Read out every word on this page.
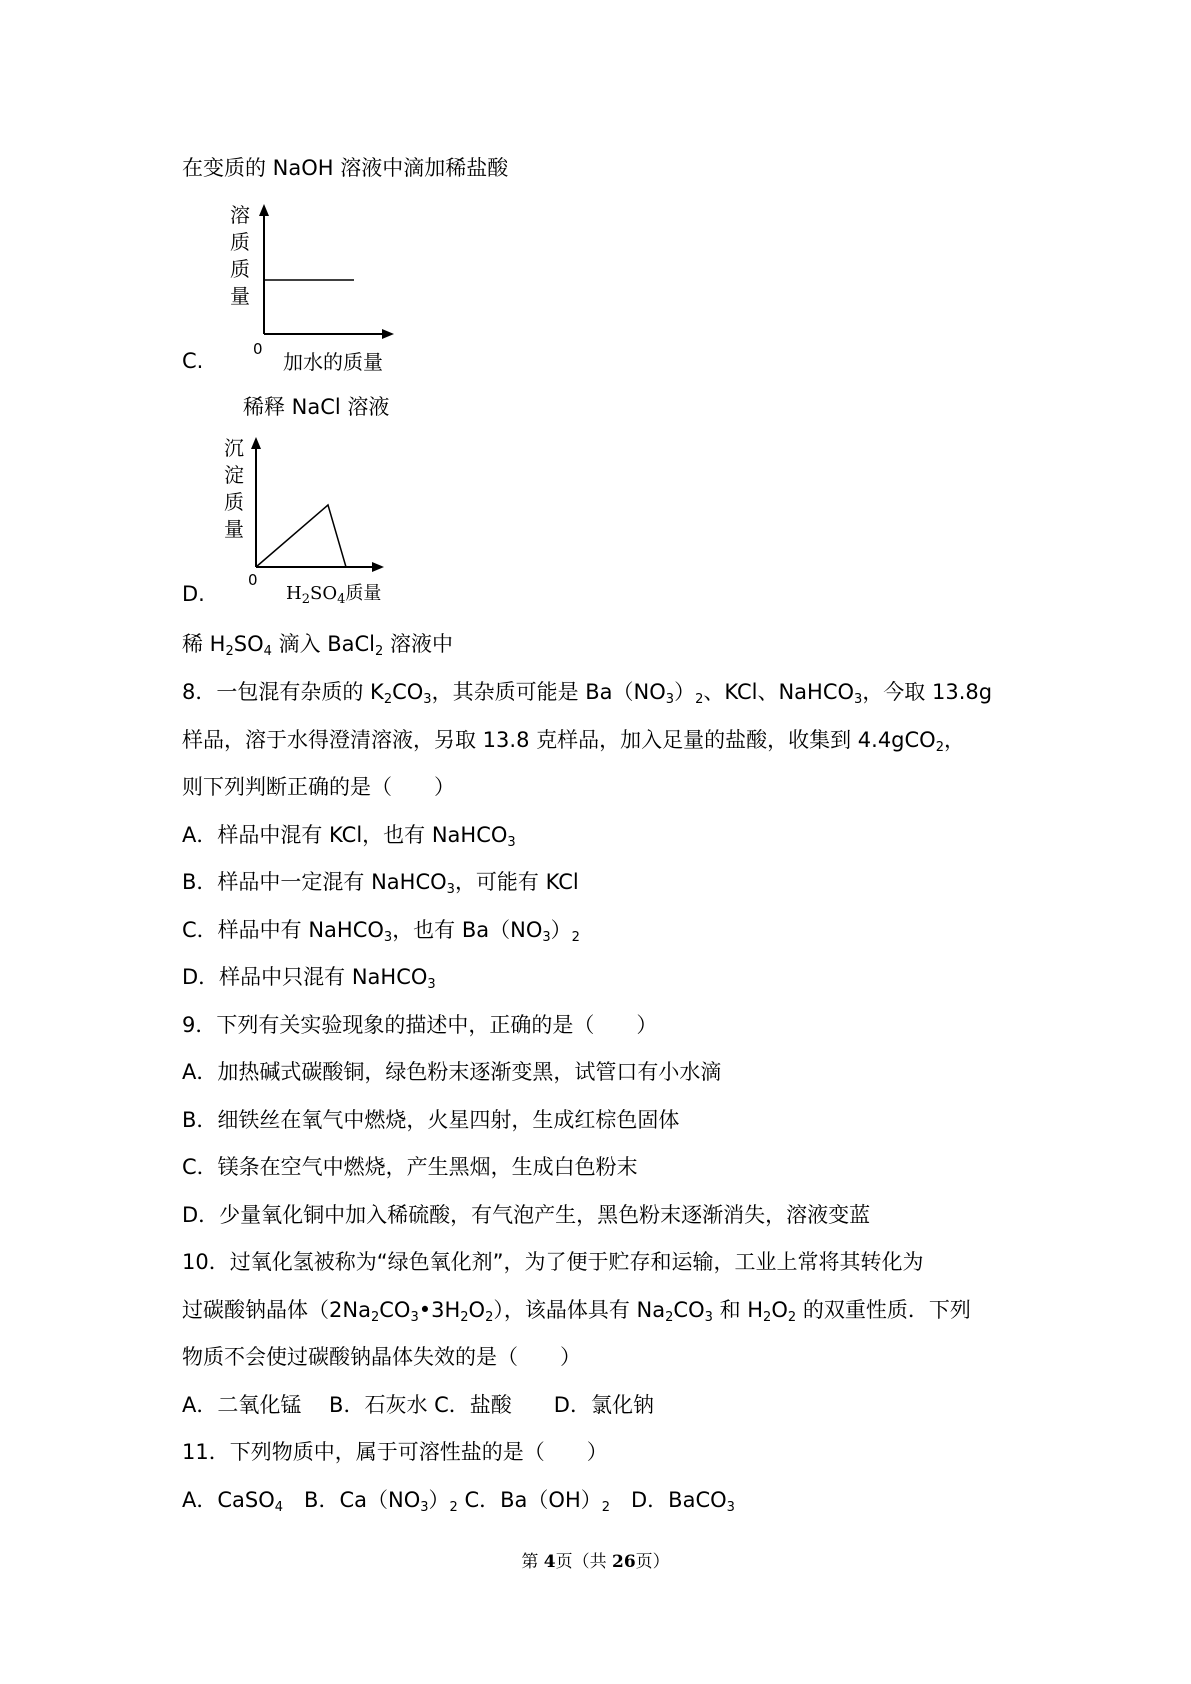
在变质的 NaOH 溶液中滴加稀盐酸
C.
溶
质
质
量
0
加水的质量
稀释 NaCl 溶液
D.
沉
淀
质
量
0
$H_2SO_4$质量
稀 $H_2SO_4$ 滴入 BaCl$_2$ 溶液中
8．一包混有杂质的 $K_2CO_3$，其杂质可能是 $Ba(NO_3)_2$、KCl、NaHCO$_3$，今取 13.8g
样品，溶于水得澄清溶液，另取 13.8 克样品，加入足量的盐酸，收集到 4.4gCO$_2$，
则下列判断正确的是（　　）
A．样品中混有 KCl，也有 NaHCO$_3$
B．样品中一定混有 NaHCO$_3$，可能有 KCl
C．样品中有 NaHCO$_3$，也有 $Ba(NO_3)_2$
D．样品中只混有 NaHCO$_3$
9．下列有关实验现象的描述中，正确的是（　　）
A．加热碱式碳酸铜，绿色粉末逐渐变黑，试管口有小水滴
B．细铁丝在氧气中燃烧，火星四射，生成红棕色固体
C．镁条在空气中燃烧，产生黑烟，生成白色粉末
D．少量氧化铜中加入稀硫酸，有气泡产生，黑色粉末逐渐消失，溶液变蓝
10．过氧化氢被称为“绿色氧化剂”，为了便于贮存和运输，工业上常将其转化为
过碳酸钠晶体$(2Na_2CO_3•3H_2O_2)$，该晶体具有 $Na_2CO_3$ 和 $H_2O_2$ 的双重性质．下列
物质不会使过碳酸钠晶体失效的是（　　）
A．二氧化锰　 B．石灰水 C．盐酸　　D．氯化钠
11．下列物质中，属于可溶性盐的是（　　）
A．CaSO$_4$　B．$Ca(NO_3)_2$ C．$Ba(OH)_2$　D．BaCO$_3$
第 4页（共 26页）
